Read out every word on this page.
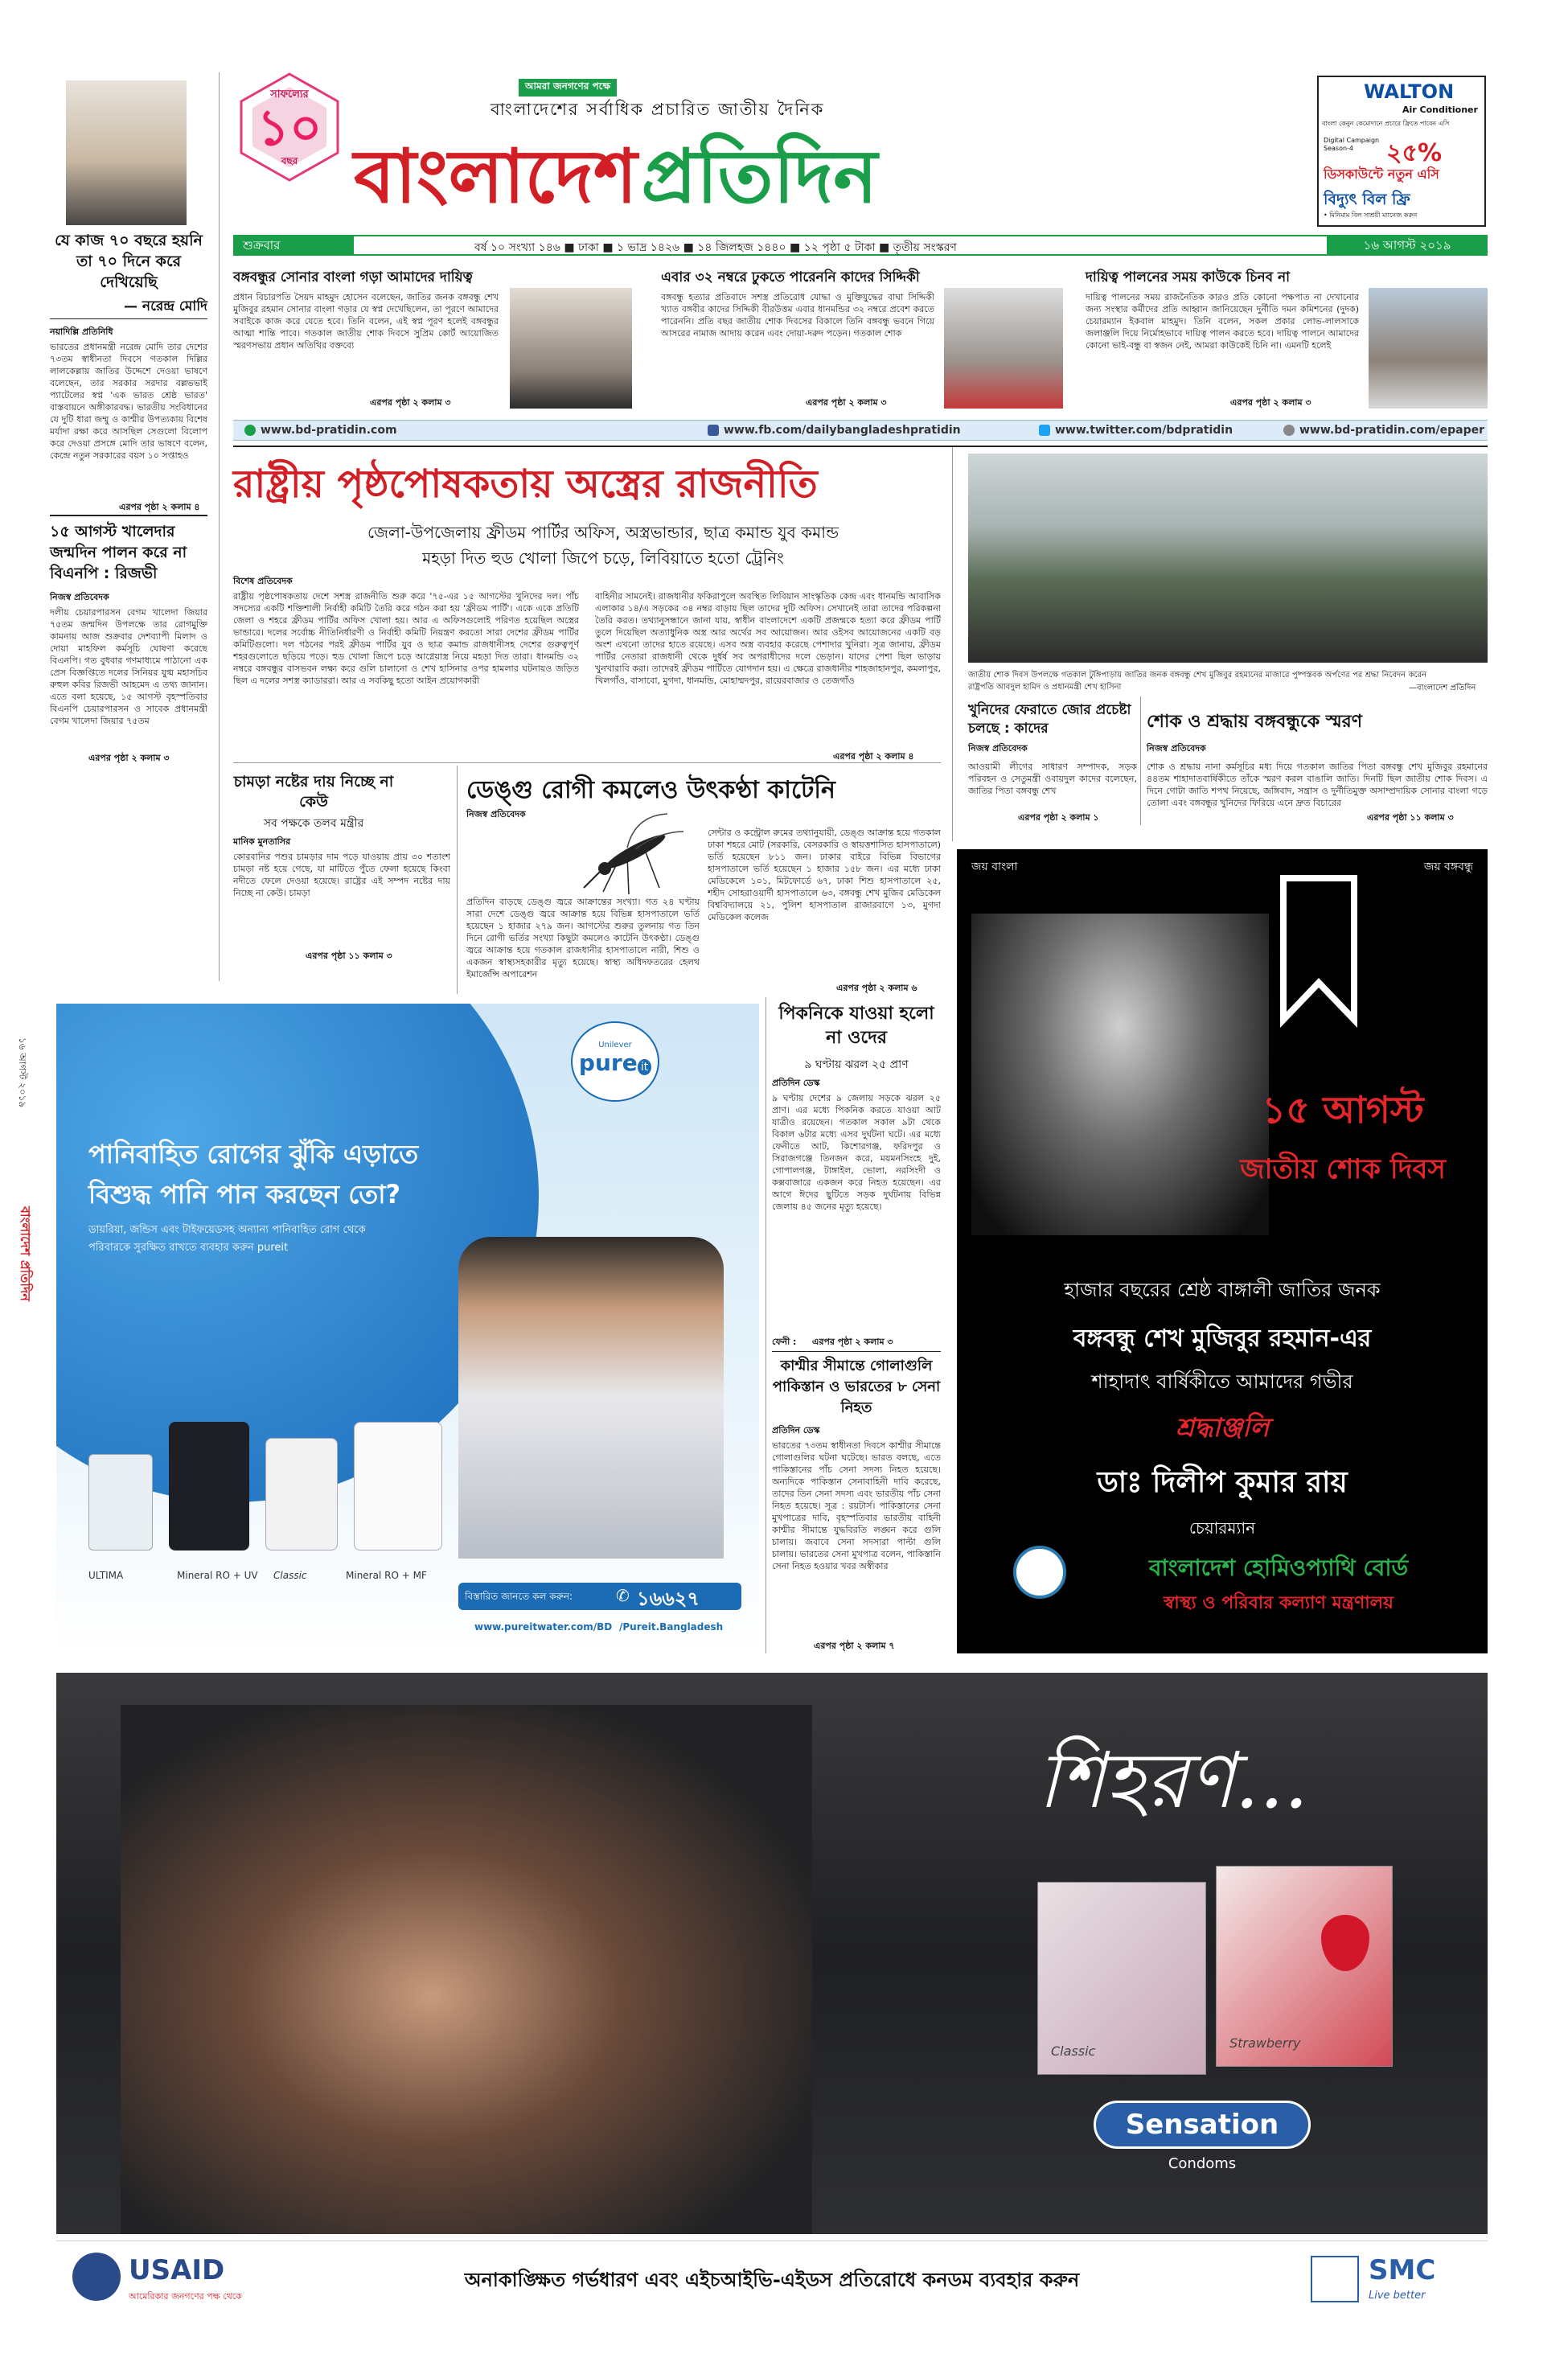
যে কাজ ৭০ বছরে হয়নি তা ৭০ দিনে করে দেখিয়েছি
— নরেন্দ্র মোদি
নয়াদিল্লি প্রতিনিধি
ভারতের প্রধানমন্ত্রী নরেন্দ্র মোদি তার দেশের ৭৩তম স্বাধীনতা দিবসে গতকাল দিল্লির লালকেল্লায় জাতির উদ্দেশে দেওয়া ভাষণে বলেছেন, তার সরকার সরদার বল্লভভাই প্যাটেলের স্বপ্ন 'এক ভারত শ্রেষ্ঠ ভারত' বাস্তবায়নে অঙ্গীকারবদ্ধ। ভারতীয় সংবিধানের যে দুটি ধারা জম্মু ও কাশ্মীর উপত্যকায় বিশেষ মর্যাদা রক্ষা করে আসছিল সেগুলো বিলোপ করে দেওয়া প্রসঙ্গে মোদি তার ভাষণে বলেন, কেন্দ্রে নতুন সরকারের বয়স ১০ সপ্তাহও
এরপর পৃষ্ঠা ২ কলাম ৪
১৫ আগস্ট খালেদার জন্মদিন পালন করে না বিএনপি : রিজভী
নিজস্ব প্রতিবেদক
দলীয় চেয়ারপারসন বেগম খালেদা জিয়ার ৭৫তম জন্মদিন উপলক্ষে তার রোগমুক্তি কামনায় আজ শুক্রবার দেশব্যাপী মিলাদ ও দোয়া মাহফিল কর্মসূচি ঘোষণা করেছে বিএনপি। গত বুধবার গণমাধ্যমে পাঠানো এক প্রেস বিজ্ঞপ্তিতে দলের সিনিয়র যুগ্ম মহাসচিব রুহুল কবির রিজভী আহমেদ এ তথ্য জানান। এতে বলা হয়েছে, ১৫ আগস্ট বৃহস্পতিবার বিএনপি চেয়ারপারসন ও সাবেক প্রধানমন্ত্রী বেগম খালেদা জিয়ার ৭৫তম
এরপর পৃষ্ঠা ২ কলাম ৩
১৬ আগস্ট ২০১৯
বাংলাদেশ প্রতিদিন
সাফল্যের
১০
বছর
আমরা জনগণের পক্ষে
বাংলাদেশের সর্বাধিক প্রচারিত জাতীয় দৈনিক
বাংলাদেশ প্রতিদিন
WALTON
Air Conditioner
বাংলা কেনুন কেমোদানে প্রচারে ফ্রিতে পাবেন এসি
Digital Campaign Season-4	২৫%
ডিসকাউন্টে নতুন এসি
বিদ্যুৎ বিল ফ্রি
• মিনিমাম বিল সাশ্রয়ী ম্যানেজ করুন
শুক্রবার	বর্ষ ১০ সংখ্যা ১৪৬ ■ ঢাকা ■ ১ ভাদ্র ১৪২৬ ■ ১৪ জিলহজ ১৪৪০ ■ ১২ পৃষ্ঠা ৫ টাকা ■ তৃতীয় সংস্করণ	১৬ আগস্ট ২০১৯
বঙ্গবন্ধুর সোনার বাংলা গড়া আমাদের দায়িত্ব
প্রধান বিচারপতি সৈয়দ মাহমুদ হোসেন বলেছেন, জাতির জনক বঙ্গবন্ধু শেখ মুজিবুর রহমান সোনার বাংলা গড়ার যে স্বপ্ন দেখেছিলেন, তা পূরণে আমাদের সবাইকে কাজ করে যেতে হবে। তিনি বলেন, এই স্বপ্ন পূরণ হলেই বঙ্গবন্ধুর আত্মা শান্তি পাবে। গতকাল জাতীয় শোক দিবসে সুপ্রিম কোর্ট আয়োজিত স্মরণসভায় প্রধান অতিথির বক্তব্যে
এরপর পৃষ্ঠা ২ কলাম ৩
এবার ৩২ নম্বরে ঢুকতে পারেননি কাদের সিদ্দিকী
বঙ্গবন্ধু হত্যার প্রতিবাদে সশস্ত্র প্রতিরোধ যোদ্ধা ও মুক্তিযুদ্ধের বাঘা সিদ্দিকী খ্যাত বঙ্গবীর কাদের সিদ্দিকী বীরউত্তম এবার ধানমন্ডির ৩২ নম্বরে প্রবেশ করতে পারেননি। প্রতি বছর জাতীয় শোক দিবসের বিকালে তিনি বঙ্গবন্ধু ভবনে গিয়ে আসরের নামাজ আদায় করেন এবং দোয়া-দরুদ পড়েন। গতকাল শোক
এরপর পৃষ্ঠা ২ কলাম ৩
দায়িত্ব পালনের সময় কাউকে চিনব না
দায়িত্ব পালনের সময় রাজনৈতিক কারও প্রতি কোনো পক্ষপাত না দেখানোর জন্য সংস্থার কর্মীদের প্রতি আহ্বান জানিয়েছেন দুর্নীতি দমন কমিশনের (দুদক) চেয়ারম্যান ইকবাল মাহমুদ। তিনি বলেন, সকল প্রকার লোভ-লালসাকে জলাঞ্জলি দিয়ে নির্মোহভাবে দায়িত্ব পালন করতে হবে। দায়িত্ব পালনে আমাদের কোনো ভাই-বন্ধু বা স্বজন নেই, আমরা কাউকেই চিনি না। এমনটি হলেই
এরপর পৃষ্ঠা ২ কলাম ৩
www.bd-pratidin.com	www.fb.com/dailybangladeshpratidin	www.twitter.com/bdpratidin	www.bd-pratidin.com/epaper
রাষ্ট্রীয় পৃষ্ঠপোষকতায় অস্ত্রের রাজনীতি
জেলা-উপজেলায় ফ্রীডম পার্টির অফিস, অস্ত্রভান্ডার, ছাত্র কমান্ড যুব কমান্ড
মহড়া দিত হুড খোলা জিপে চড়ে, লিবিয়াতে হতো ট্রেনিং
বিশেষ প্রতিবেদক
রাষ্ট্রীয় পৃষ্ঠপোষকতায় দেশে সশস্ত্র রাজনীতি শুরু করে '৭৫-এর ১৫ আগস্টের খুনিদের দল। পাঁচ সদস্যের একটি শক্তিশালী নির্বাহী কমিটি তৈরি করে গঠন করা হয় 'ফ্রীডম পার্টি'। একে একে প্রতিটি জেলা ও শহরে ফ্রীডম পার্টির অফিস খোলা হয়। আর এ অফিসগুলোই পরিণত হয়েছিল অস্ত্রের ভান্ডারে। দলের সর্বোচ্চ নীতিনির্ধারণী ও নির্বাহী কমিটি নিয়ন্ত্রণ করতো সারা দেশের ফ্রীডম পার্টির কমিটিগুলো। দল গঠনের পরই ফ্রীডম পার্টির যুব ও ছাত্র কমান্ড রাজধানীসহ দেশের গুরুত্বপূর্ণ শহরগুলোতে ছড়িয়ে পড়ে। হুড খোলা জিপে চড়ে আগ্নেয়াস্ত্র নিয়ে মহড়া দিত তারা। ধানমন্ডি ৩২ নম্বরে বঙ্গবন্ধুর বাসভবন লক্ষ্য করে গুলি চালানো ও শেখ হাসিনার ওপর হামলার ঘটনায়ও জড়িত ছিল এ দলের সশস্ত্র ক্যাডাররা। আর এ সবকিছু হতো আইন প্রয়োগকারী
বাহিনীর সামনেই। রাজধানীর ফকিরাপুলে অবস্থিত লিবিয়ান সাংস্কৃতিক কেন্দ্র এবং ধানমন্ডি আবাসিক এলাকার ১৪/এ সড়কের ৩৪ নম্বর বাড়ায় ছিল তাদের দুটি অফিস। সেখানেই তারা তাদের পরিকল্পনা তৈরি করত। তথ্যানুসন্ধানে জানা যায়, স্বাধীন বাংলাদেশে একটি প্রজন্মকে হত্যা করে ফ্রীডম পার্টি তুলে দিয়েছিল অত্যাধুনিক অস্ত্র আর অর্থের সব আয়োজন। আর ওইসব আয়োজনের একটি বড় অংশ এখনো তাদের হাতে রয়েছে। এসব অস্ত্র ব্যবহার করেছে পেশাদার খুনিরা। সূত্র জানায়, ফ্রীডম পার্টির নেতারা রাজধানী থেকে দুর্ধর্ষ সব অপরাধীদের দলে ভেড়ান। যাদের পেশা ছিল ভাড়ায় খুনখারাবি করা। তাদেরই ফ্রীডম পার্টিতে যোগদান হয়। এ ক্ষেত্রে রাজধানীর শাহজাহানপুর, কমলাপুর, খিলগাঁও, বাসাবো, মুগদা, ধানমন্ডি, মোহাম্মদপুর, রায়েরবাজার ও তেজগাঁও
এরপর পৃষ্ঠা ২ কলাম ৪
জাতীয় শোক দিবস উপলক্ষে গতকাল টুঙ্গিপাড়ায় জাতির জনক বঙ্গবন্ধু শেখ মুজিবুর রহমানের মাজারে পুষ্পস্তবক অর্পণের পর শ্রদ্ধা নিবেদন করেন রাষ্ট্রপতি আবদুল হামিদ ও প্রধানমন্ত্রী শেখ হাসিনা	—বাংলাদেশ প্রতিদিন
খুনিদের ফেরাতে জোর প্রচেষ্টা চলছে : কাদের
নিজস্ব প্রতিবেদক
আওয়ামী লীগের সাধারণ সম্পাদক, সড়ক পরিবহন ও সেতুমন্ত্রী ওবায়দুল কাদের বলেছেন, জাতির পিতা বঙ্গবন্ধু শেখ
এরপর পৃষ্ঠা ২ কলাম ১
শোক ও শ্রদ্ধায় বঙ্গবন্ধুকে স্মরণ
নিজস্ব প্রতিবেদক
শোক ও শ্রদ্ধায় নানা কর্মসূচির মধ্য দিয়ে গতকাল জাতির পিতা বঙ্গবন্ধু শেখ মুজিবুর রহমানের ৪৪তম শাহাদাতবার্ষিকীতে তাঁকে স্মরণ করল বাঙালি জাতি। দিনটি ছিল জাতীয় শোক দিবস। এ দিনে গোটা জাতি শপথ নিয়েছে, জঙ্গিবাদ, সন্ত্রাস ও দুর্নীতিমুক্ত অসাম্প্রদায়িক সোনার বাংলা গড়ে তোলা এবং বঙ্গবন্ধুর খুনিদের ফিরিয়ে এনে দ্রুত বিচারের
এরপর পৃষ্ঠা ১১ কলাম ৩
চামড়া নষ্টের দায় নিচ্ছে না কেউ
সব পক্ষকে তলব মন্ত্রীর
মানিক মুনতাসির
কোরবানির পশুর চামড়ার দাম পড়ে যাওয়ায় প্রায় ৩০ শতাংশ চামড়া নষ্ট হয়ে গেছে, যা মাটিতে পুঁতে ফেলা হয়েছে কিংবা নদীতে ফেলে দেওয়া হয়েছে। রাষ্ট্রের এই সম্পদ নষ্টের দায় নিচ্ছে না কেউ। চামড়া
এরপর পৃষ্ঠা ১১ কলাম ৩
ডেঙ্গু রোগী কমলেও উৎকণ্ঠা কাটেনি
নিজস্ব প্রতিবেদক
প্রতিদিন বাড়ছে ডেঙ্গু জ্বরে আক্রান্তের সংখ্যা। গত ২৪ ঘণ্টায় সারা দেশে ডেঙ্গু জ্বরে আক্রান্ত হয়ে বিভিন্ন হাসপাতালে ভর্তি হয়েছেন ১ হাজার ২৭৯ জন। আগস্টের শুরুর তুলনায় গত তিন দিনে রোগী ভর্তির সংখ্যা কিছুটা কমলেও কাটেনি উৎকণ্ঠা। ডেঙ্গু জ্বরে আক্রান্ত হয়ে গতকাল রাজধানীর হাসপাতালে নারী, শিশু ও একজন স্বাস্থ্যসহকারীর মৃত্যু হয়েছে। স্বাস্থ্য অধিদফতরের হেলথ ইমার্জেন্সি অপারেশন
সেন্টার ও কন্ট্রোল রুমের তথ্যানুযায়ী, ডেঙ্গু আক্রান্ত হয়ে গতকাল ঢাকা শহরে মোট (সরকারি, বেসরকারি ও স্বায়ত্তশাসিত হাসপাতালে) ভর্তি হয়েছেন ৮১১ জন। ঢাকার বাইরে বিভিন্ন বিভাগের হাসপাতালে ভর্তি হয়েছেন ১ হাজার ১৫৮ জন। এর মধ্যে ঢাকা মেডিকেলে ১০১, মিটফোর্ডে ৬৭, ঢাকা শিশু হাসপাতালে ২৫, শহীদ সোহরাওয়ার্দী হাসপাতালে ৬৩, বঙ্গবন্ধু শেখ মুজিব মেডিকেল বিশ্ববিদ্যালয়ে ২১, পুলিশ হাসপাতাল রাজারবাগে ১৩, মুগদা মেডিকেল কলেজ
এরপর পৃষ্ঠা ২ কলাম ৬
Unilever
pure it
পানিবাহিত রোগের ঝুঁকি এড়াতে
বিশুদ্ধ পানি পান করছেন তো?
ডায়রিয়া, জন্ডিস এবং টাইফয়েডসহ অন্যান্য পানিবাহিত রোগ থেকে
পরিবারকে সুরক্ষিত রাখতে ব্যবহার করুন pureit
ULTIMA	Mineral RO + UV Classic	Mineral RO + MF
বিস্তারিত জানতে কল করুন:	✆ ১৬৬২৭
www.pureitwater.com/BD /Pureit.Bangladesh
পিকনিকে যাওয়া হলো না ওদের
৯ ঘণ্টায় ঝরল ২৫ প্রাণ
প্রতিদিন ডেস্ক
৯ ঘণ্টায় দেশের ৯ জেলায় সড়কে ঝরল ২৫ প্রাণ। এর মধ্যে পিকনিক করতে যাওয়া আট যাত্রীও রয়েছেন। গতকাল সকাল ৯টা থেকে বিকাল ৬টার মধ্যে এসব দুর্ঘটনা ঘটে। এর মধ্যে ফেনীতে আট, কিশোরগঞ্জ, ফরিদপুর ও সিরাজগঞ্জে তিনজন করে, ময়মনসিংহে দুই, গোপালগঞ্জ, টাঙ্গাইল, ভোলা, নরসিংদী ও কক্সবাজারে একজন করে নিহত হয়েছেন। এর আগে ঈদের ছুটিতে সড়ক দুর্ঘটনায় বিভিন্ন জেলায় ৪৫ জনের মৃত্যু হয়েছে।
ফেনী : এরপর পৃষ্ঠা ২ কলাম ৩
কাশ্মীর সীমান্তে গোলাগুলি পাকিস্তান ও ভারতের ৮ সেনা নিহত
প্রতিদিন ডেস্ক
ভারতের ৭৩তম স্বাধীনতা দিবসে কাশ্মীর সীমান্তে গোলাগুলির ঘটনা ঘটেছে। ভারত বলছে, এতে পাকিস্তানের পাঁচ সেনা সদস্য নিহত হয়েছে। অন্যদিকে পাকিস্তান সেনাবাহিনী দাবি করেছে, তাদের তিন সেনা সদস্য এবং ভারতীয় পাঁচ সেনা নিহত হয়েছে। সূত্র : রয়টার্স। পাকিস্তানের সেনা মুখপাত্রের দাবি, বৃহস্পতিবার ভারতীয় বাহিনী কাশ্মীর সীমান্তে যুদ্ধবিরতি লঙ্ঘন করে গুলি চালায়। জবাবে সেনা সদস্যরা পাল্টা গুলি চালায়। ভারতের সেনা মুখপাত্র বলেন, পাকিস্তানি সেনা নিহত হওয়ার খবর অস্বীকার
এরপর পৃষ্ঠা ২ কলাম ৭
জয় বাংলা	জয় বঙ্গবন্ধু
১৫ আগস্ট
জাতীয় শোক দিবস
হাজার বছরের শ্রেষ্ঠ বাঙ্গালী জাতির জনক
বঙ্গবন্ধু শেখ মুজিবুর রহমান-এর
শাহাদাৎ বার্ষিকীতে আমাদের গভীর
শ্রদ্ধাঞ্জলি
ডাঃ দিলীপ কুমার রায়
চেয়ারম্যান
বাংলাদেশ হোমিওপ্যাথি বোর্ড
স্বাস্থ্য ও পরিবার কল্যাণ মন্ত্রণালয়
শিহরণ...
Classic
Strawberry
Sensation
Condoms
USAID
আমেরিকার জনগণের পক্ষ থেকে
অনাকাঙ্ক্ষিত গর্ভধারণ এবং এইচআইভি-এইডস প্রতিরোধে কনডম ব্যবহার করুন	SMC
Live better
